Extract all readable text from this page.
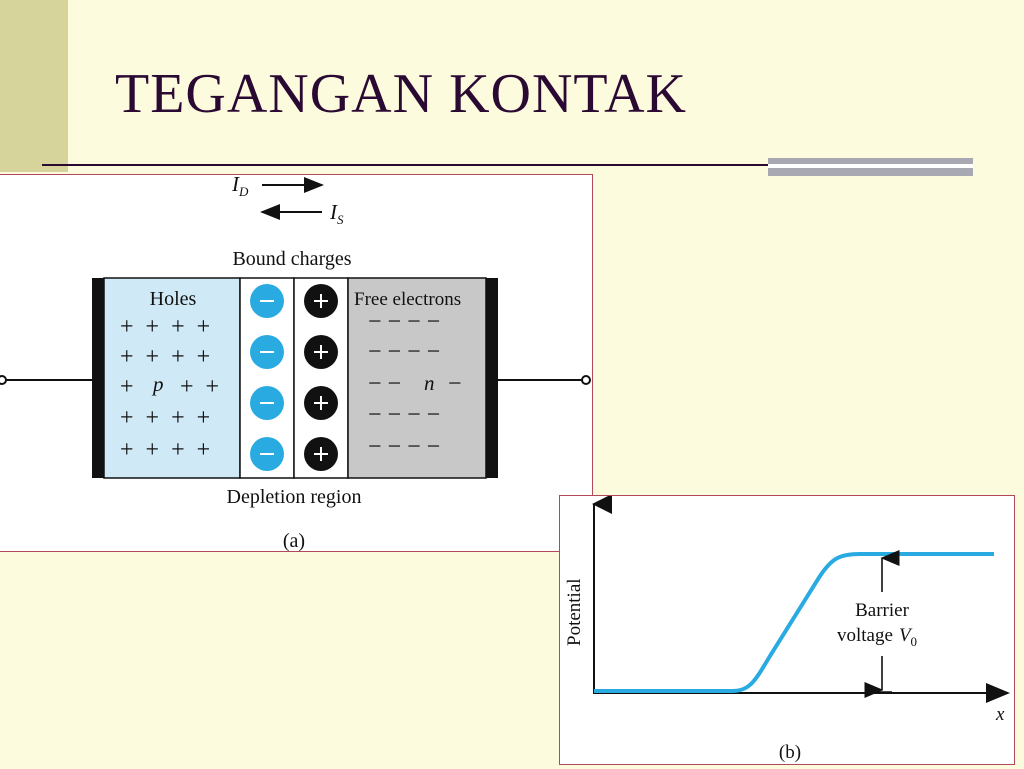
TEGANGAN KONTAK
$I_D$
$I_S$
Bound charges
Holes
+  +  +  +
+  +  +  +
+ +  +
+  +  +  +
+  +  +  +
p
Free electrons
− − − −
− − − −
− − −
− − − −
− − − −
n
Depletion region
(a)
Potential
x
Barrier
voltage $V_0$
(b)
